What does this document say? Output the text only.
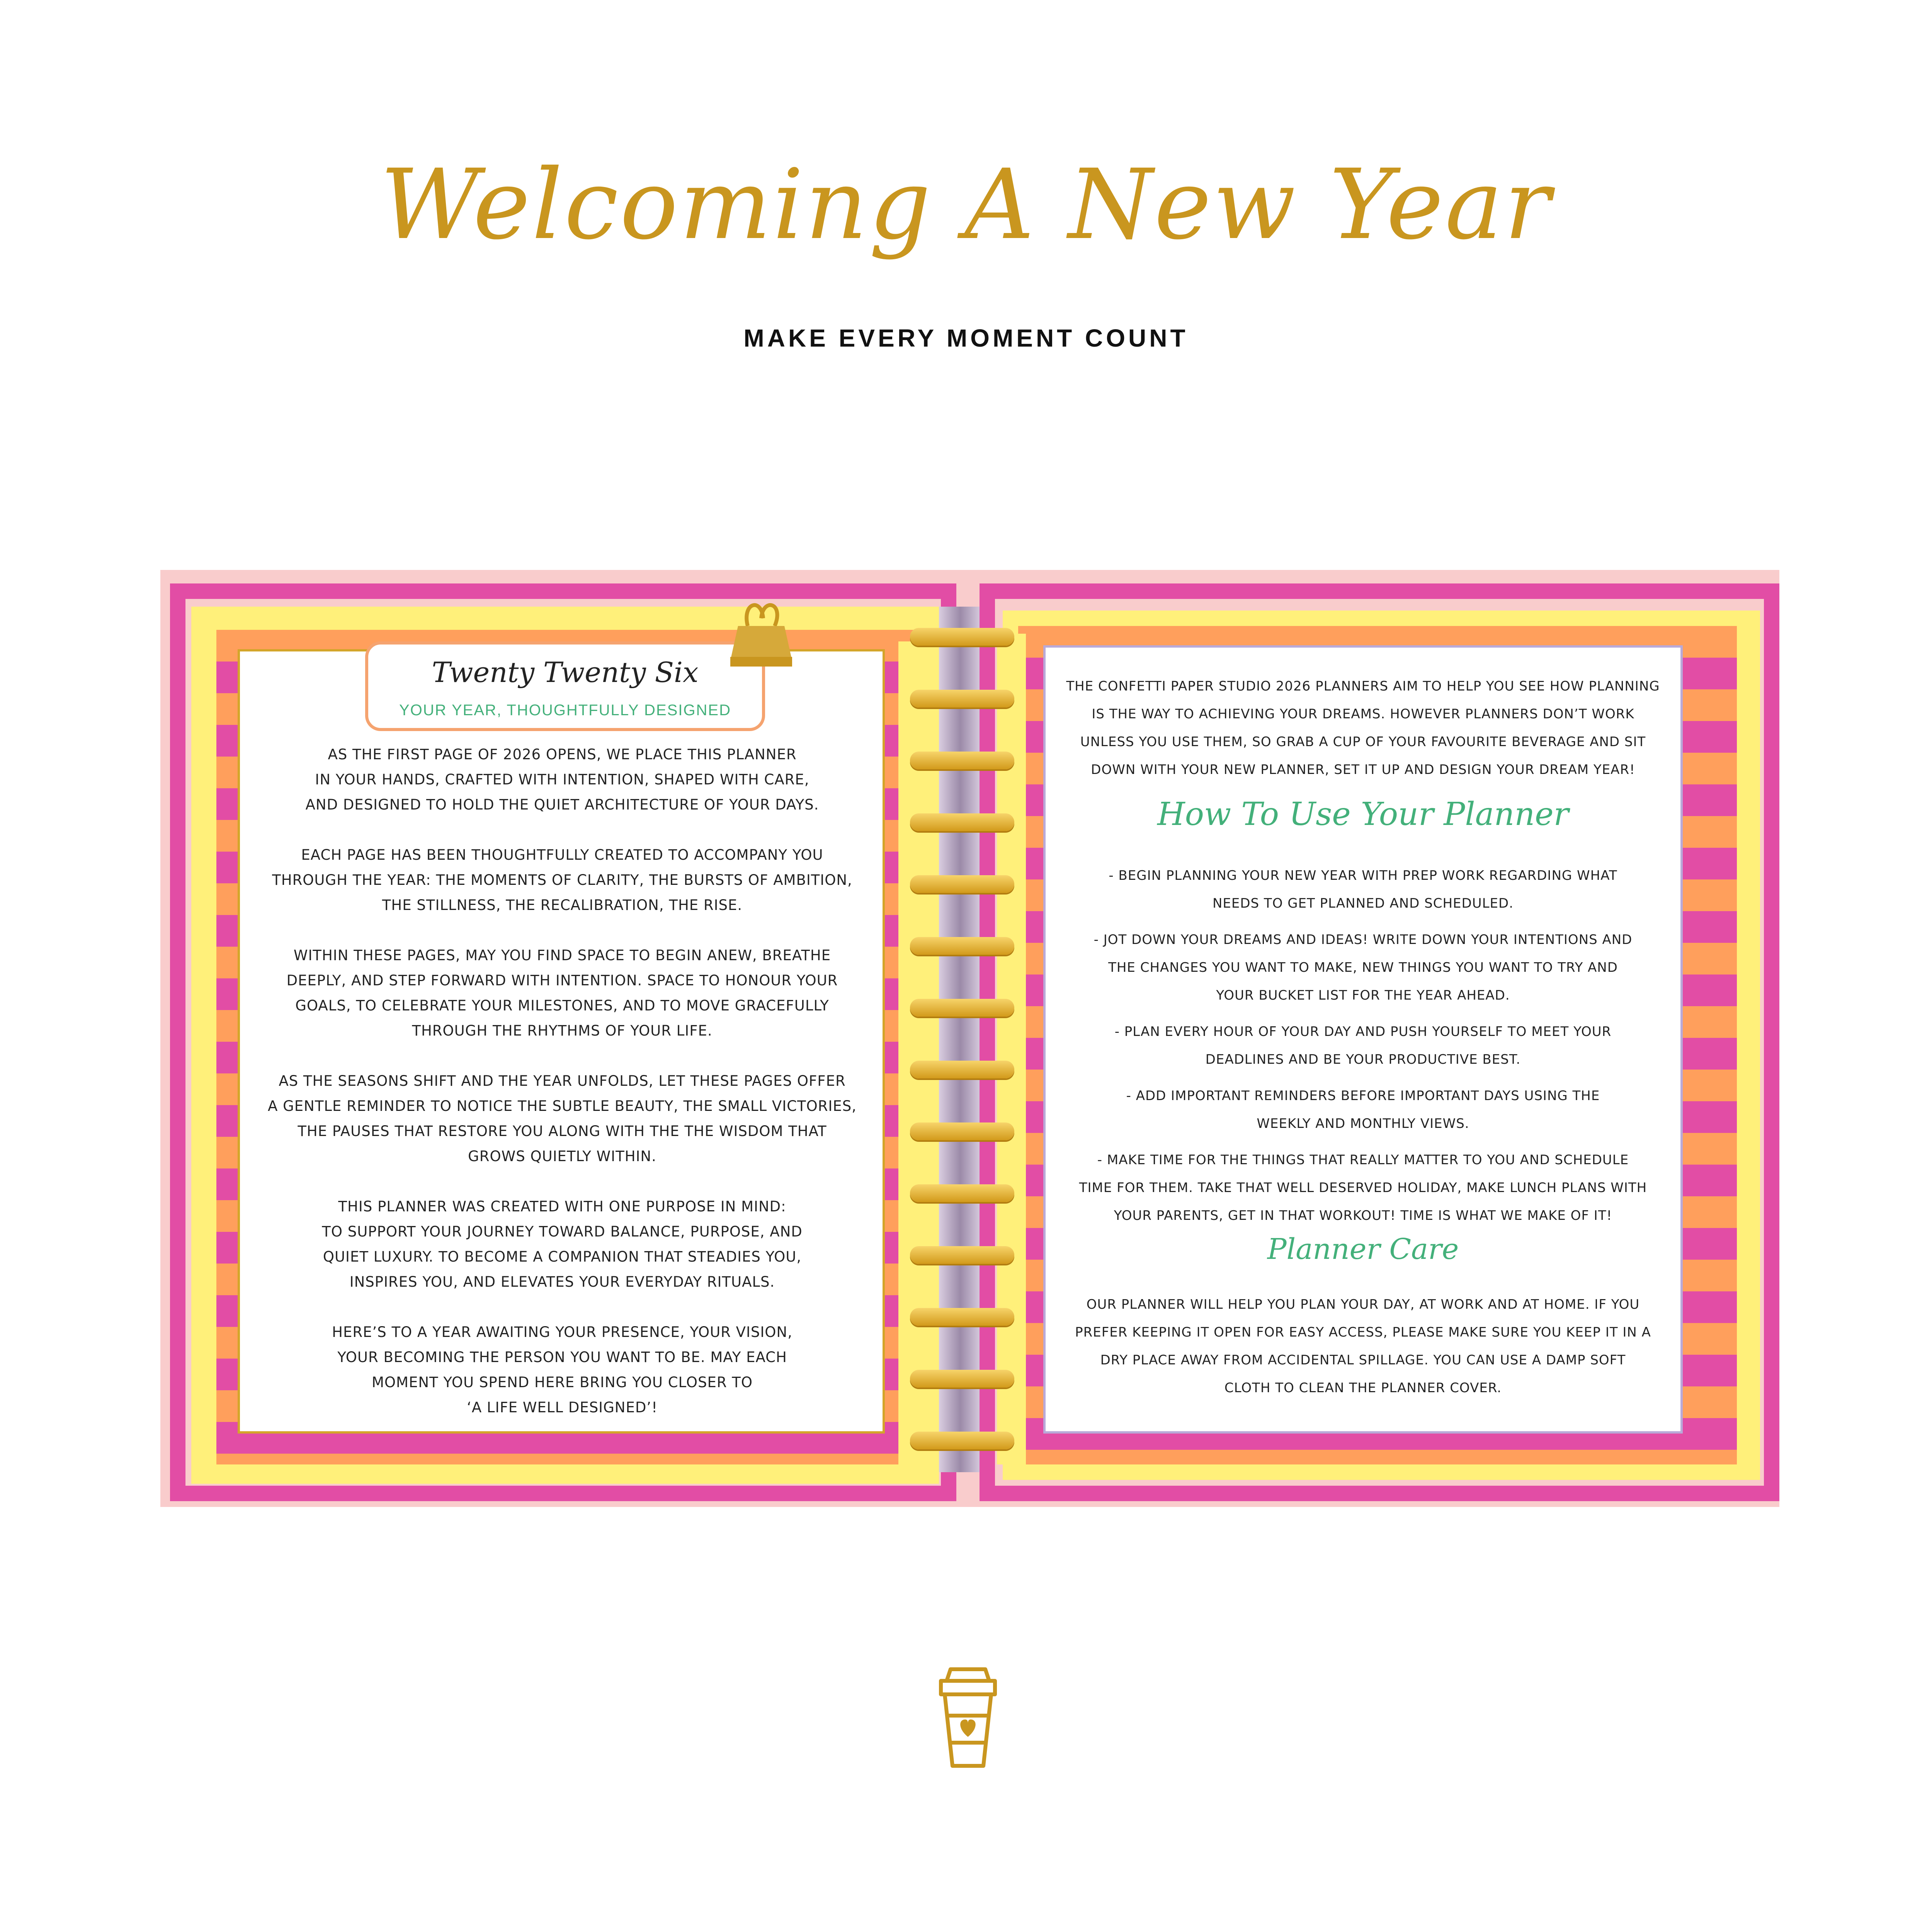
Welcoming A New Year
MAKE EVERY MOMENT COUNT
Twenty Twenty Six
YOUR YEAR, THOUGHTFULLY DESIGNED

AS THE FIRST PAGE OF 2026 OPENS, WE PLACE THIS PLANNER
IN YOUR HANDS, CRAFTED WITH INTENTION, SHAPED WITH CARE,
AND DESIGNED TO HOLD THE QUIET ARCHITECTURE OF YOUR DAYS.

EACH PAGE HAS BEEN THOUGHTFULLY CREATED TO ACCOMPANY YOU
THROUGH THE YEAR: THE MOMENTS OF CLARITY, THE BURSTS OF AMBITION,
THE STILLNESS, THE RECALIBRATION, THE RISE.

WITHIN THESE PAGES, MAY YOU FIND SPACE TO BEGIN ANEW, BREATHE
DEEPLY, AND STEP FORWARD WITH INTENTION. SPACE TO HONOUR YOUR
GOALS, TO CELEBRATE YOUR MILESTONES, AND TO MOVE GRACEFULLY
THROUGH THE RHYTHMS OF YOUR LIFE.

AS THE SEASONS SHIFT AND THE YEAR UNFOLDS, LET THESE PAGES OFFER
A GENTLE REMINDER TO NOTICE THE SUBTLE BEAUTY, THE SMALL VICTORIES,
THE PAUSES THAT RESTORE YOU ALONG WITH THE THE WISDOM THAT
GROWS QUIETLY WITHIN.

THIS PLANNER WAS CREATED WITH ONE PURPOSE IN MIND:
TO SUPPORT YOUR JOURNEY TOWARD BALANCE, PURPOSE, AND
QUIET LUXURY. TO BECOME A COMPANION THAT STEADIES YOU,
INSPIRES YOU, AND ELEVATES YOUR EVERYDAY RITUALS.

HERE’S TO A YEAR AWAITING YOUR PRESENCE, YOUR VISION,
YOUR BECOMING THE PERSON YOU WANT TO BE. MAY EACH
MOMENT YOU SPEND HERE BRING YOU CLOSER TO
‘A LIFE WELL DESIGNED’!

THE CONFETTI PAPER STUDIO 2026 PLANNERS AIM TO HELP YOU SEE HOW PLANNING
IS THE WAY TO ACHIEVING YOUR DREAMS. HOWEVER PLANNERS DON’T WORK
UNLESS YOU USE THEM, SO GRAB A CUP OF YOUR FAVOURITE BEVERAGE AND SIT
DOWN WITH YOUR NEW PLANNER, SET IT UP AND DESIGN YOUR DREAM YEAR!
How To Use Your Planner
- BEGIN PLANNING YOUR NEW YEAR WITH PREP WORK REGARDING WHAT
NEEDS TO GET PLANNED AND SCHEDULED.
- JOT DOWN YOUR DREAMS AND IDEAS! WRITE DOWN YOUR INTENTIONS AND
THE CHANGES YOU WANT TO MAKE, NEW THINGS YOU WANT TO TRY AND
YOUR BUCKET LIST FOR THE YEAR AHEAD.
- PLAN EVERY HOUR OF YOUR DAY AND PUSH YOURSELF TO MEET YOUR
DEADLINES AND BE YOUR PRODUCTIVE BEST.
- ADD IMPORTANT REMINDERS BEFORE IMPORTANT DAYS USING THE
WEEKLY AND MONTHLY VIEWS.
- MAKE TIME FOR THE THINGS THAT REALLY MATTER TO YOU AND SCHEDULE
TIME FOR THEM. TAKE THAT WELL DESERVED HOLIDAY, MAKE LUNCH PLANS WITH
YOUR PARENTS, GET IN THAT WORKOUT! TIME IS WHAT WE MAKE OF IT!
Planner Care
OUR PLANNER WILL HELP YOU PLAN YOUR DAY, AT WORK AND AT HOME. IF YOU
PREFER KEEPING IT OPEN FOR EASY ACCESS, PLEASE MAKE SURE YOU KEEP IT IN A
DRY PLACE AWAY FROM ACCIDENTAL SPILLAGE. YOU CAN USE A DAMP SOFT
CLOTH TO CLEAN THE PLANNER COVER.
